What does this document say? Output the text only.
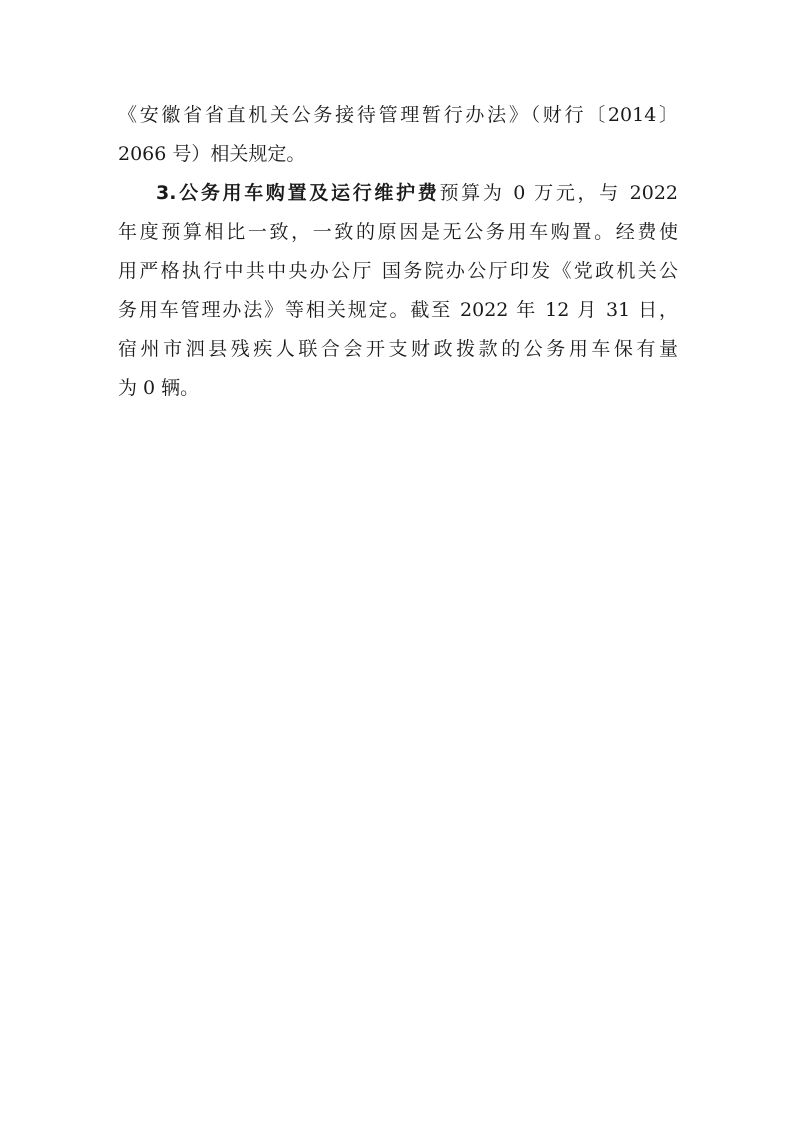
《安徽省省直机关公务接待管理暂行办法》（财行〔2014〕
2066 号）相关规定。
3.公务用车购置及运行维护费预算为 0 万元，与 2022
年度预算相比一致，一致的原因是无公务用车购置。经费使
用严格执行中共中央办公厅 国务院办公厅印发《党政机关公
务用车管理办法》等相关规定。截至 2022 年 12 月 31 日，
宿州市泗县残疾人联合会开支财政拨款的公务用车保有量
为 0 辆。
